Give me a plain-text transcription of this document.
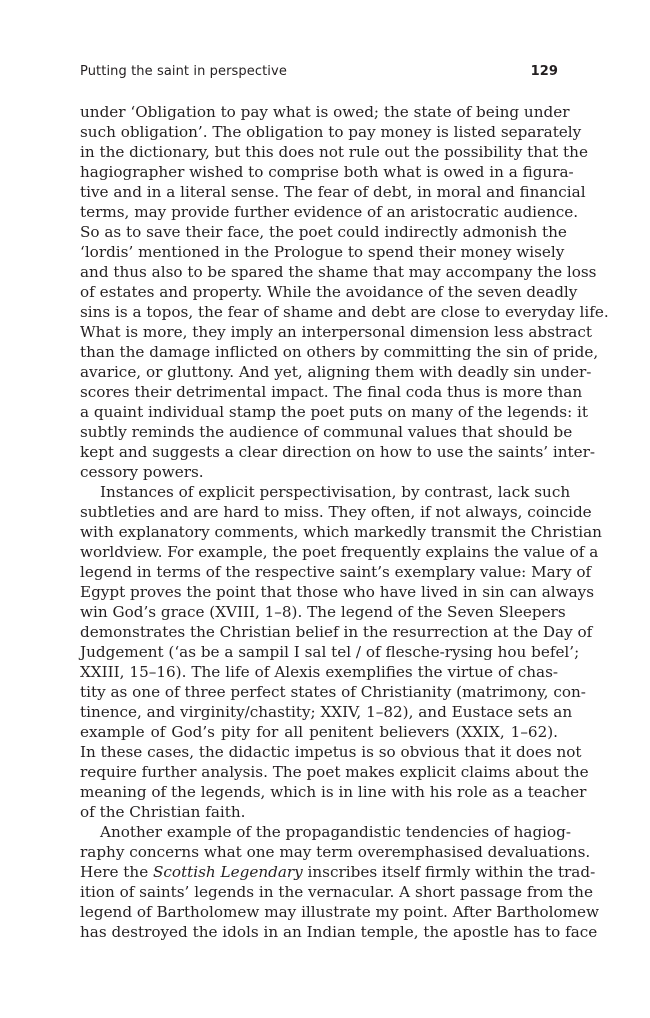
Putting the saint in perspective	129
under ‘Obligation to pay what is owed; the state of being under
such obligation’. The obligation to pay money is listed separately
in the dictionary, but this does not rule out the possibility that the
hagiographer wished to comprise both what is owed in a figura-
tive and in a literal sense. The fear of debt, in moral and financial
terms, may provide further evidence of an aristocratic audience.
So as to save their face, the poet could indirectly admonish the
‘lordis’ mentioned in the Prologue to spend their money wisely
and thus also to be spared the shame that may accompany the loss
of estates and property. While the avoidance of the seven deadly
sins is a topos, the fear of shame and debt are close to everyday life.
What is more, they imply an interpersonal dimension less abstract
than the damage inflicted on others by committing the sin of pride,
avarice, or gluttony. And yet, aligning them with deadly sin under-
scores their detrimental impact. The final coda thus is more than
a quaint individual stamp the poet puts on many of the legends: it
subtly reminds the audience of communal values that should be
kept and suggests a clear direction on how to use the saints’ inter-
cessory powers.
Instances of explicit perspectivisation, by contrast, lack such
subtleties and are hard to miss. They often, if not always, coincide
with explanatory comments, which markedly transmit the Christian
worldview. For example, the poet frequently explains the value of a
legend in terms of the respective saint’s exemplary value: Mary of
Egypt proves the point that those who have lived in sin can always
win God’s grace (XVIII, 1–8). The legend of the Seven Sleepers
demonstrates the Christian belief in the resurrection at the Day of
Judgement (‘as be a sampil I sal tel / of flesche-rysing hou befel’;
XXIII, 15–16). The life of Alexis exemplifies the virtue of chas-
tity as one of three perfect states of Christianity (matrimony, con-
tinence, and virginity/chastity; XXIV, 1–82), and Eustace sets an
example of God’s pity for all penitent believers (XXIX, 1–62).
In these cases, the didactic impetus is so obvious that it does not
require further analysis. The poet makes explicit claims about the
meaning of the legends, which is in line with his role as a teacher
of the Christian faith.
Another example of the propagandistic tendencies of hagiog-
raphy concerns what one may term overemphasised devaluations.
Here the Scottish Legendary inscribes itself firmly within the trad-
ition of saints’ legends in the vernacular. A short passage from the
legend of Bartholomew may illustrate my point. After Bartholomew
has destroyed the idols in an Indian temple, the apostle has to face
